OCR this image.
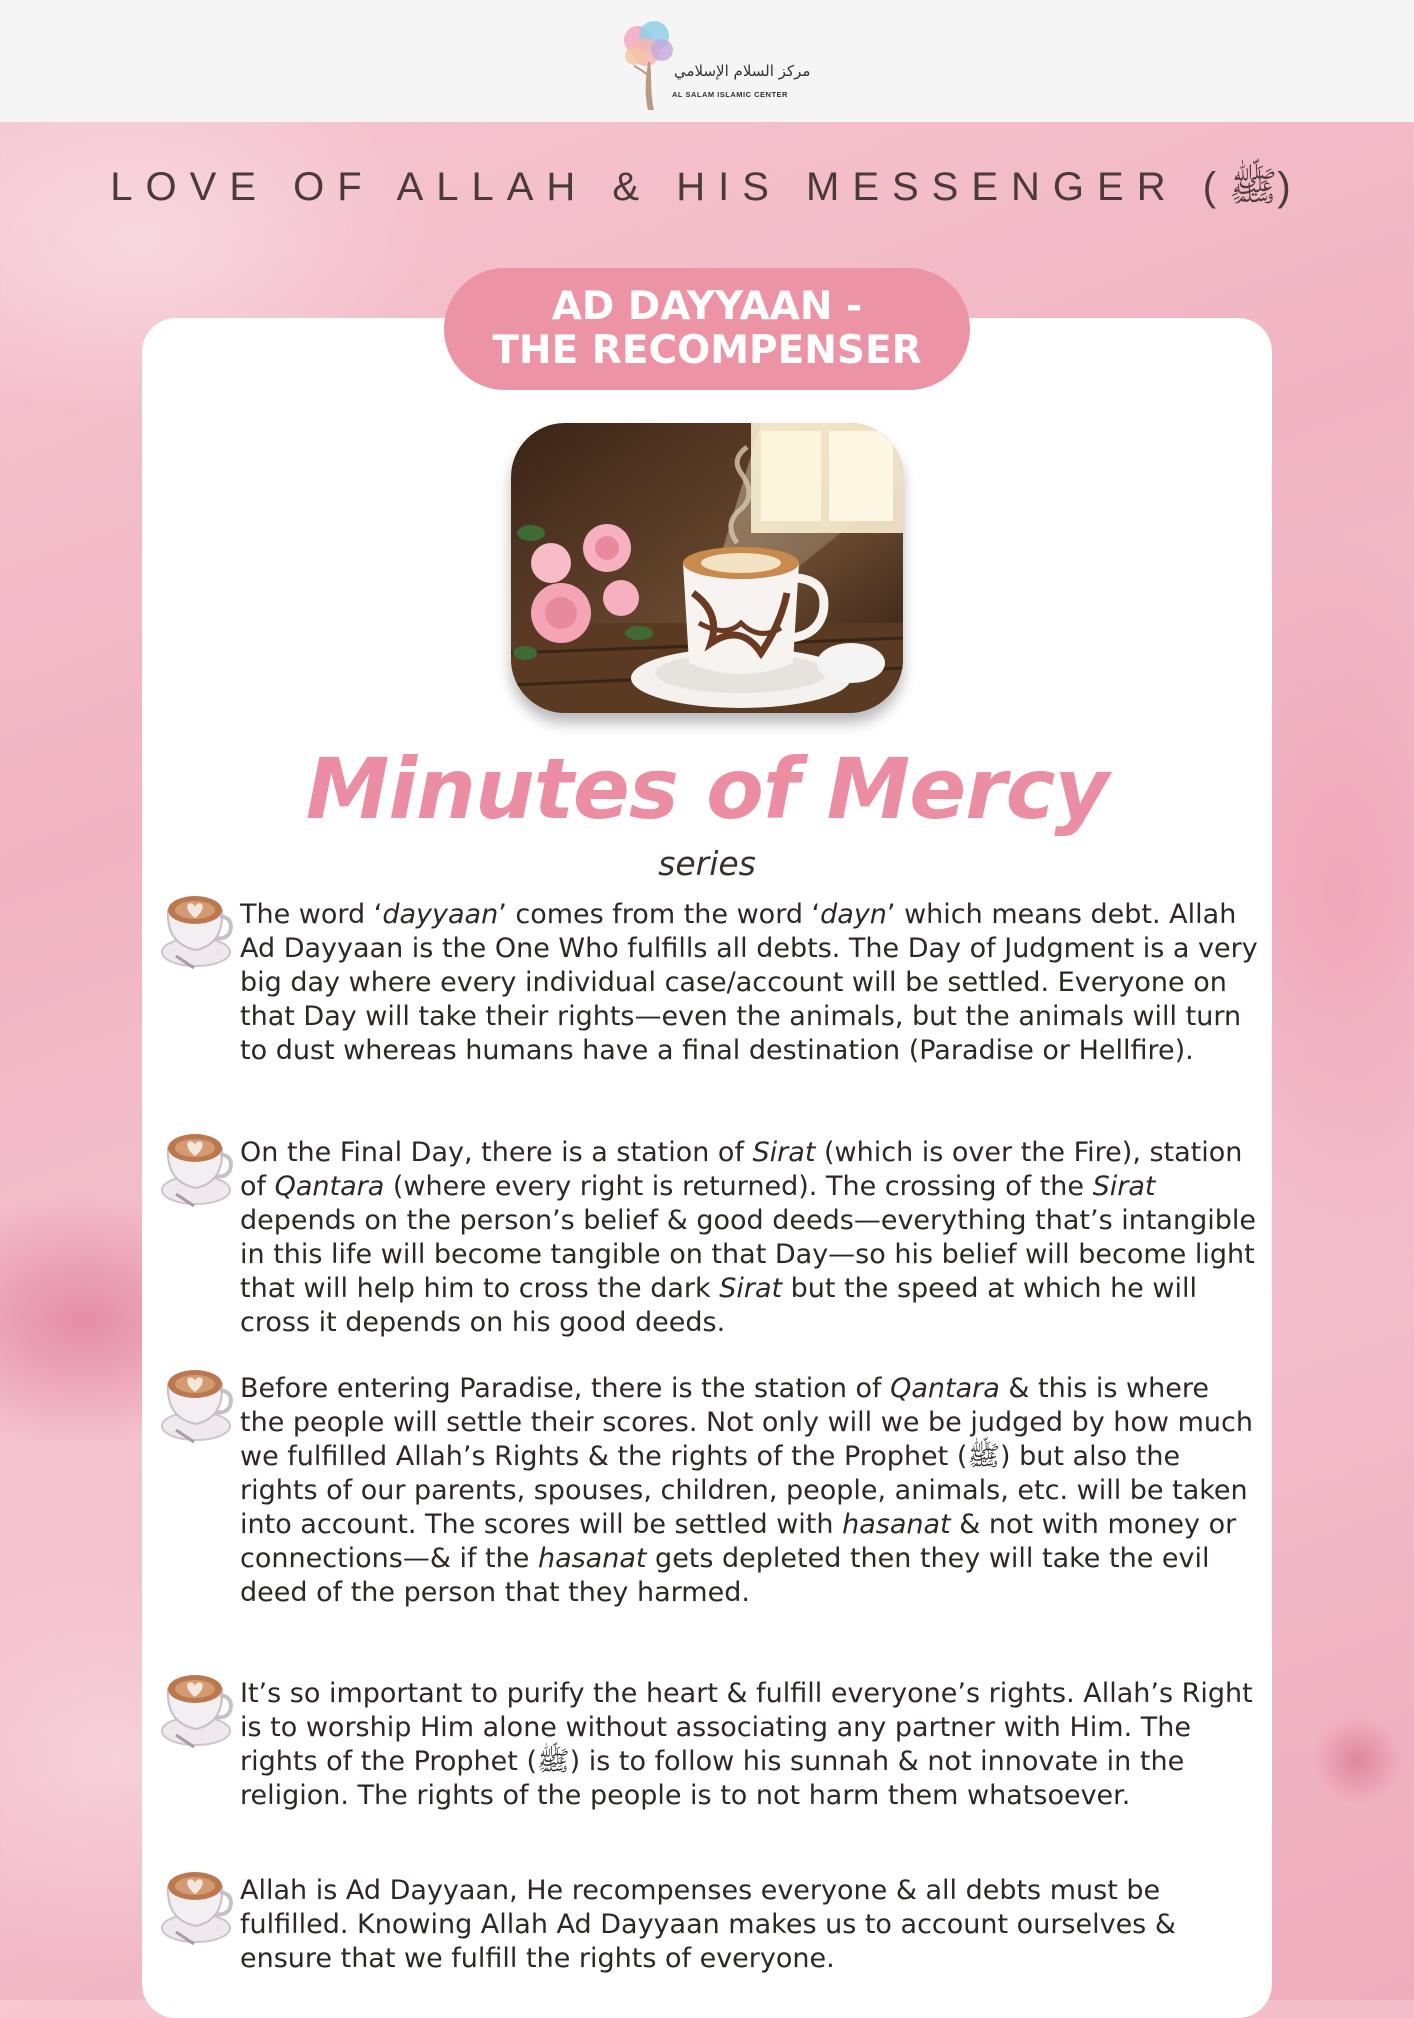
مركز السلام الإسلامي
AL SALAM ISLAMIC CENTER
LOVE OF ALLAH & HIS MESSENGER (ﷺ)
AD DAYYAAN -
THE RECOMPENSER
Minutes of Mercy
series
The word ‘dayyaan’ comes from the word ‘dayn’ which means debt. Allah Ad Dayyaan is the One Who fulfills all debts. The Day of Judgment is a very big day where every individual case/account will be settled. Everyone on that Day will take their rights—even the animals, but the animals will turn to dust whereas humans have a final destination (Paradise or Hellfire).
On the Final Day, there is a station of Sirat (which is over the Fire), station of Qantara (where every right is returned). The crossing of the Sirat depends on the person’s belief & good deeds—everything that’s intangible in this life will become tangible on that Day—so his belief will become light that will help him to cross the dark Sirat but the speed at which he will cross it depends on his good deeds.
Before entering Paradise, there is the station of Qantara & this is where the people will settle their scores. Not only will we be judged by how much we fulfilled Allah’s Rights & the rights of the Prophet (ﷺ) but also the rights of our parents, spouses, children, people, animals, etc. will be taken into account. The scores will be settled with hasanat & not with money or connections—& if the hasanat gets depleted then they will take the evil deed of the person that they harmed.
It’s so important to purify the heart & fulfill everyone’s rights. Allah’s Right is to worship Him alone without associating any partner with Him. The rights of the Prophet (ﷺ) is to follow his sunnah & not innovate in the religion. The rights of the people is to not harm them whatsoever.
Allah is Ad Dayyaan, He recompenses everyone & all debts must be fulfilled. Knowing Allah Ad Dayyaan makes us to account ourselves & ensure that we fulfill the rights of everyone.
